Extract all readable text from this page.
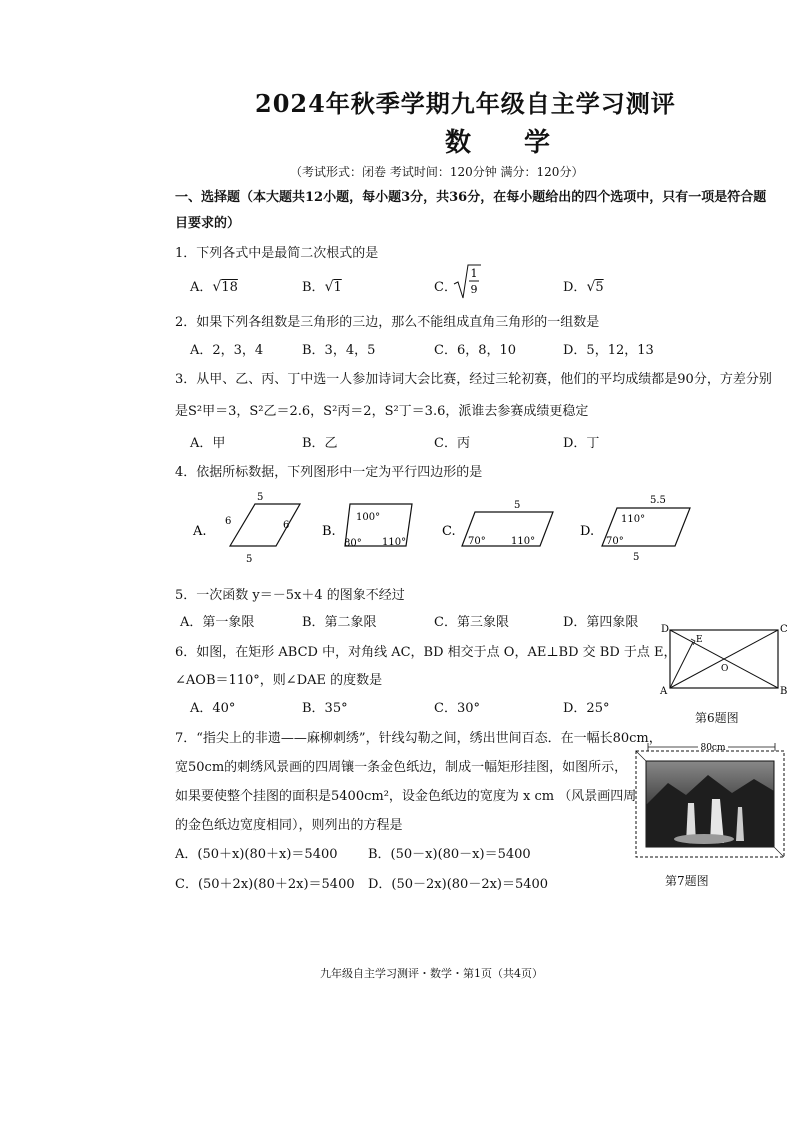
2024年秋季学期九年级自主学习测评
数 学
（考试形式：闭卷 考试时间：120分钟 满分：120分）
一、选择题（本大题共12小题，每小题3分，共36分，在每小题给出的四个选项中，只有一项是符合题
目要求的）
1．下列各式中是最简二次根式的是
A．√18	B．√1	C．
1
9	D．√5
2．如果下列各组数是三角形的三边，那么不能组成直角三角形的一组数是
A．2，3，4	B．3，4，5	C．6，8，10	D．5，12，13
3．从甲、乙、丙、丁中选一人参加诗词大会比赛，经过三轮初赛，他们的平均成绩都是90分，方差分别
是S²甲＝3，S²乙＝2.6，S²丙＝2，S²丁＝3.6，派谁去参赛成绩更稳定
A．甲	B．乙	C．丙	D．丁
4．依据所标数据，下列图形中一定为平行四边形的是
A.
5
6
6
5
B.
100°
80° 110°
C.
5
70°	110°
D.
5.5
110°
70°
5
5．一次函数 y＝－5x＋4 的图象不经过
A．第一象限	B．第二象限	C．第三象限	D．第四象限
6．如图，在矩形 ABCD 中，对角线 AC，BD 相交于点 O，AE⊥BD 交 BD 于点 E，
∠AOB＝110°，则∠DAE 的度数是
A．40°	B．35°	C．30°	D．25°
D	C
A	B
E
O
第6题图
7．“指尖上的非遗——麻柳刺绣”，针线勾勒之间，绣出世间百态．在一幅长80cm，
宽50cm的刺绣风景画的四周镶一条金色纸边，制成一幅矩形挂图，如图所示，
如果要使整个挂图的面积是5400cm²，设金色纸边的宽度为 x cm （风景画四周
的金色纸边宽度相同），则列出的方程是
A．(50＋x)(80＋x)＝5400 B．(50－x)(80－x)＝5400
C．(50＋2x)(80＋2x)＝5400 D．(50－2x)(80－2x)＝5400
80cm
第7题图
九年级自主学习测评・数学・第1页（共4页）
